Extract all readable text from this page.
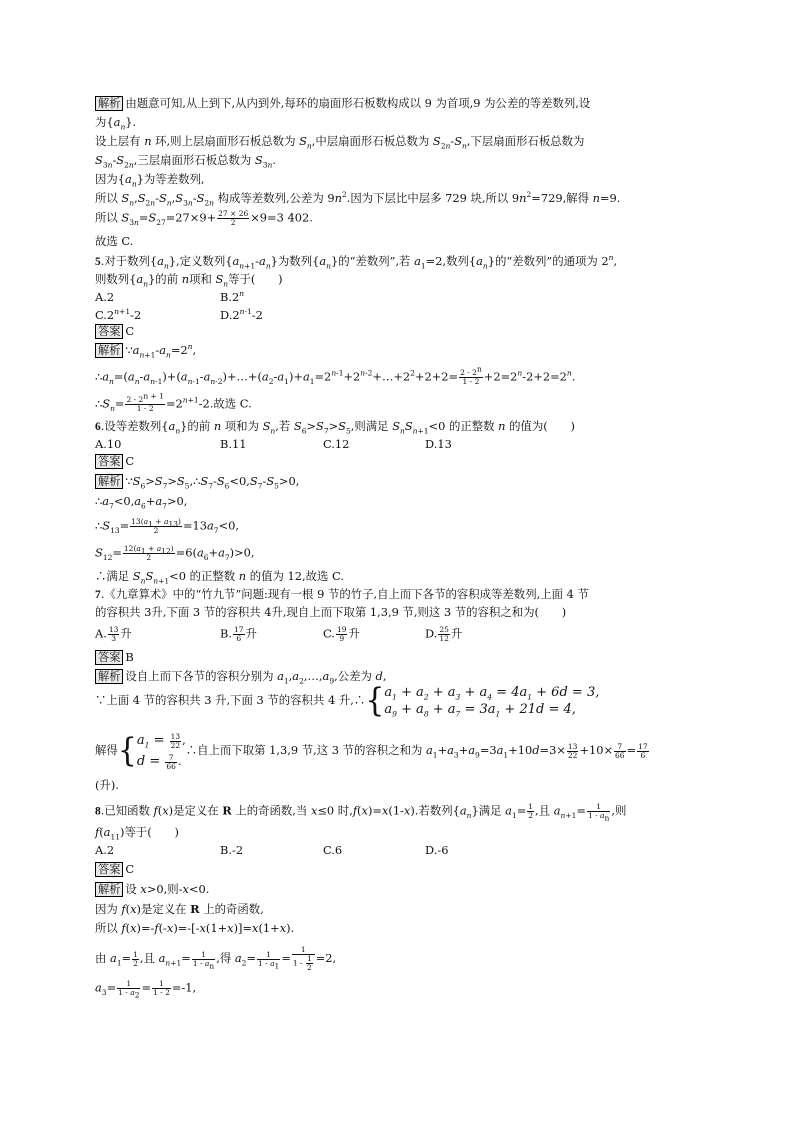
解析 由题意可知,从上到下,从内到外,每环的扇面形石板数构成以 9 为首项,9 为公差的等差数列,设
为$\{a_n\}$.
设上层有 n 环,则上层扇面形石板总数为 $S_n$,中层扇面形石板总数为 $S_{2n}-S_n$,下层扇面形石板总数为
$S_{3n}-S_{2n}$,三层扇面形石板总数为 $S_{3n}$.
因为$\{a_n\}$为等差数列,
所以 $S_n,S_{2n}-S_n,S_{3n}-S_{2n}$ 构成等差数列,公差为 $9n^2$.因为下层比中层多 729 块,所以 $9n^2=729$,解得 n=9.
所以 $S_{3n}=S_{27}=27\times 9+ \frac{27 \times 26}{2} \times 9=3$ 402.
故选 C.
5.对于数列$\{a_n\}$,定义数列$\{a_{n+1}-a_n\}$为数列$\{a_n\}$的“差数列”,若 $a_1=2$,数列$\{a_n\}$的“差数列”的通项为 2$^n$,
则数列$\{a_n\}$的前 n项和 $S_n$等于(　　)
A.2	B.2$^n$
$C.2^{n+1}-2$	D.2$^{n-1}$-2
答案 C
解析 $\because a_{n+1}-a_n=2^n$,
$\therefore a_n=(a_n-a_{n-1})+(a_{n-1}-a_{n-2})+\dots+(a_2-a_1)+a_1=2^{n-1}+2^{n-2}+\dots+2^2+2+2= \frac{2 - 2^n}{1 - 2} +2=2^n-2+2=2^n$.
$\therefore S_n= \frac{2 - 2^{n + 1}}{1 - 2} =2^{n+1}-2$.故选 C.
6.设等差数列$\{a_n\}$的前 n 项和为 $S_n$,若 $S_6>S_7>S_5$,则满足 $S_nS_{n+1}<0$ 的正整数 n 的值为(　　)
A.10	B.11	C.12	D.13
答案 C
解析 $\because S_6>S_7>S_5,\therefore S_7-S_6<0,S_7-S_5>0$,
$\therefore a_7<0,a_6+a_7>0$,
$\therefore S_{13}= \frac{13(a_1 + a_{13})}{2} =13a_7<0$,
$S_{12}= \frac{12(a_1 + a_{12})}{2} =6(a_6+a_7)>0$,
∴满足 $S_nS_{n+1}<0$ 的正整数 n 的值为 12,故选 C.
7.《九章算术》中的“竹九节”问题:现有一根 9 节的竹子,自上而下各节的容积成等差数列,上面 4 节
的容积共 3升,下面 3 节的容积共 4升,现自上而下取第 1,3,9 节,则这 3 节的容积之和为(　　)
A. $\frac{13}{3}$ 升	B. $\frac{17}{6}$ 升	C. $\frac{19}{9}$ 升	D. $\frac{25}{12}$ 升
答案 B
解析 设自上而下各节的容积分别为 $a_1,a_2,\dots,a_9$,公差为 d,
∵上面 4 节的容积共 3 升,下面 3 节的容积共 4 升$,\therefore\{a_1 + a_2 + a_3 + a_4 = 4a_1 + 6d = 3$,
$a_9 + a_8 + a_7 = 3a_1 + 21d = 4$,
解得{$a_1 = \frac{13}{22}$ ,
$d = \frac{7}{66}$ .∴自上而下取第 1,3,9 节,这 3 节的容积之和为 $a_1+a_3+a_9=3a_1+10d=3\times \frac{13}{22} +10\times \frac{7}{66} = \frac{17}{6}$
(升).
8.已知函数 f(x)是定义在 R 上的奇函数,当 x≤0 时,f(x)=x(1-x).若数列$\{a_n\}$满足 $a_1= \frac{1}{2}$ ,且 $a_{n+1}= \frac{1}{1 - a_n}$ ,则
$f(a_{11})$等于(　　)
A.2	B.-2	C.6	D.-6
答案 C
解析 设 x>0,则-x<0.
因为 f(x)是定义在 R 上的奇函数,
所以 f(x)=-f(-x)=-[-x(1+x)]=x(1+x).
由 $a_1= \frac{1}{2}$ ,且 $a_{n+1}= \frac{1}{1 - a_n}$ ,得 $a_2= \frac{1}{1 - a_1} = \frac{1}{1 - \frac{1}{2}} =2$,
$a_3= \frac{1}{1 - a_2} = \frac{1}{1 - 2} =-1$,
